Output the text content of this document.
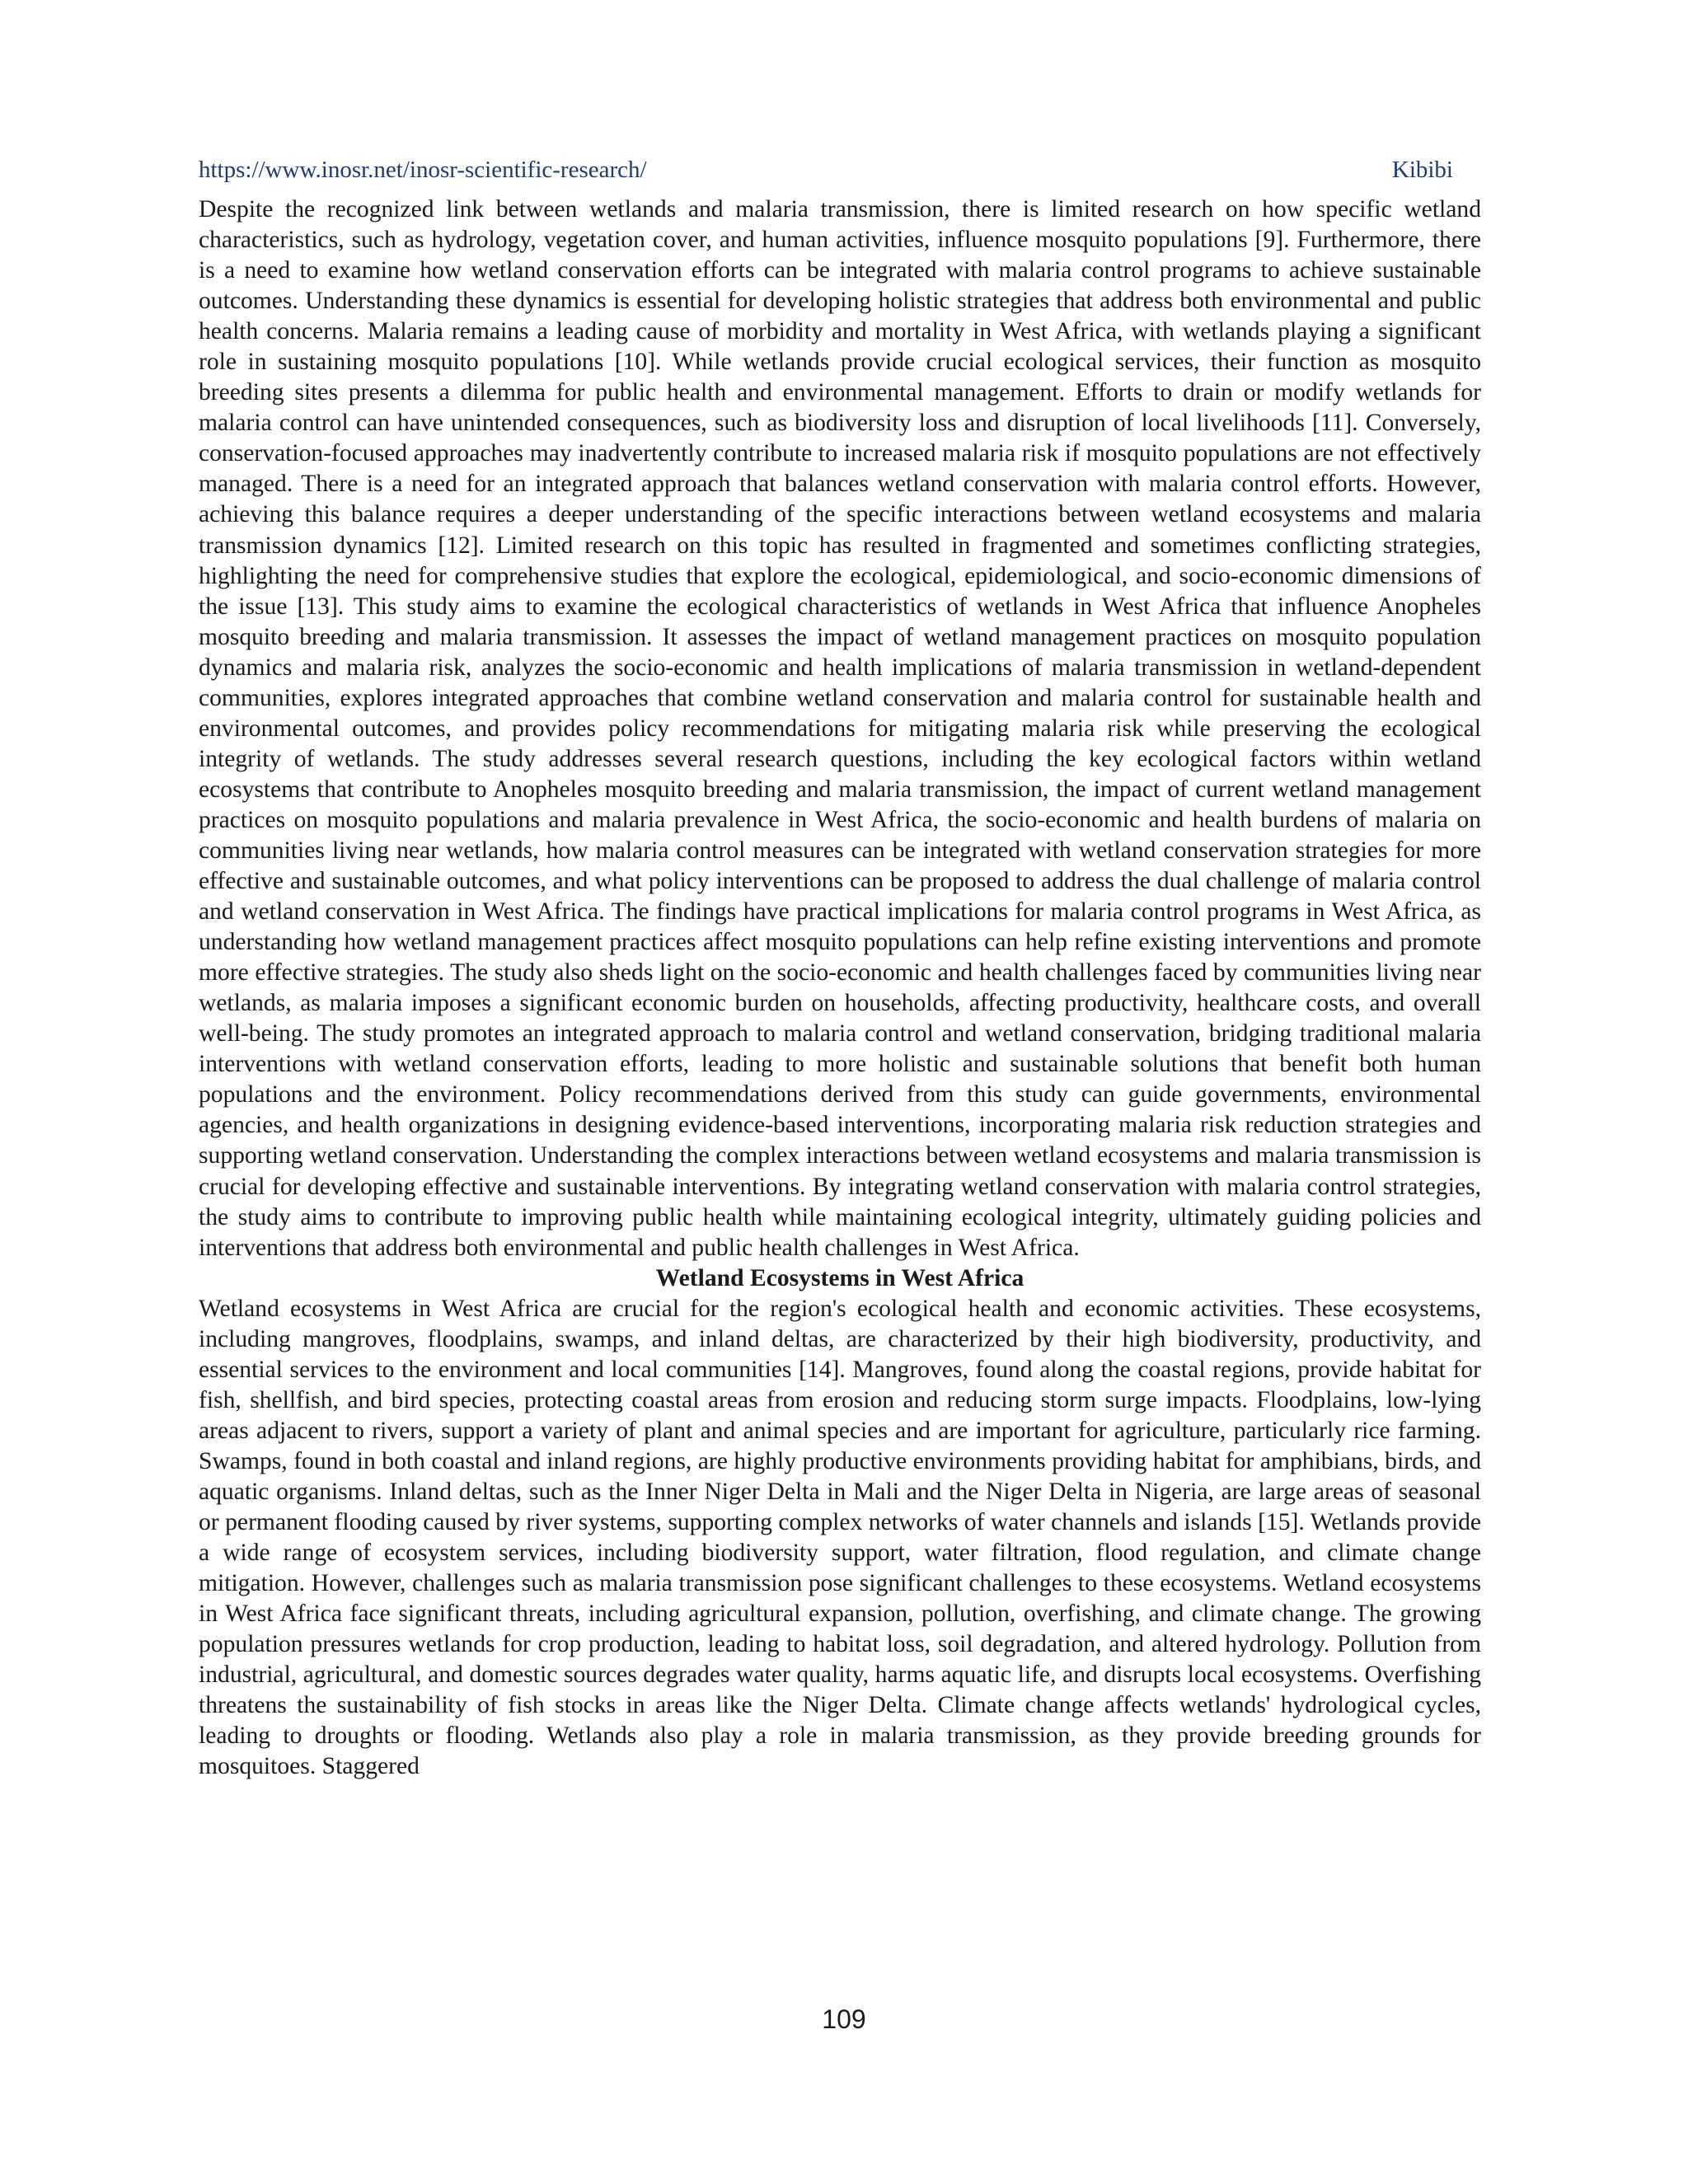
https://www.inosr.net/inosr-scientific-research/	Kibibi

Despite the recognized link between wetlands and malaria transmission, there is limited research on how specific wetland characteristics, such as hydrology, vegetation cover, and human activities, influence mosquito populations [9]. Furthermore, there is a need to examine how wetland conservation efforts can be integrated with malaria control programs to achieve sustainable outcomes. Understanding these dynamics is essential for developing holistic strategies that address both environmental and public health concerns. Malaria remains a leading cause of morbidity and mortality in West Africa, with wetlands playing a significant role in sustaining mosquito populations [10]. While wetlands provide crucial ecological services, their function as mosquito breeding sites presents a dilemma for public health and environmental management. Efforts to drain or modify wetlands for malaria control can have unintended consequences, such as biodiversity loss and disruption of local livelihoods [11]. Conversely, conservation-focused approaches may inadvertently contribute to increased malaria risk if mosquito populations are not effectively managed. There is a need for an integrated approach that balances wetland conservation with malaria control efforts. However, achieving this balance requires a deeper understanding of the specific interactions between wetland ecosystems and malaria transmission dynamics [12]. Limited research on this topic has resulted in fragmented and sometimes conflicting strategies, highlighting the need for comprehensive studies that explore the ecological, epidemiological, and socio-economic dimensions of the issue [13]. This study aims to examine the ecological characteristics of wetlands in West Africa that influence Anopheles mosquito breeding and malaria transmission. It assesses the impact of wetland management practices on mosquito population dynamics and malaria risk, analyzes the socio-economic and health implications of malaria transmission in wetland-dependent communities, explores integrated approaches that combine wetland conservation and malaria control for sustainable health and environmental outcomes, and provides policy recommendations for mitigating malaria risk while preserving the ecological integrity of wetlands. The study addresses several research questions, including the key ecological factors within wetland ecosystems that contribute to Anopheles mosquito breeding and malaria transmission, the impact of current wetland management practices on mosquito populations and malaria prevalence in West Africa, the socio-economic and health burdens of malaria on communities living near wetlands, how malaria control measures can be integrated with wetland conservation strategies for more effective and sustainable outcomes, and what policy interventions can be proposed to address the dual challenge of malaria control and wetland conservation in West Africa. The findings have practical implications for malaria control programs in West Africa, as understanding how wetland management practices affect mosquito populations can help refine existing interventions and promote more effective strategies. The study also sheds light on the socio-economic and health challenges faced by communities living near wetlands, as malaria imposes a significant economic burden on households, affecting productivity, healthcare costs, and overall well-being. The study promotes an integrated approach to malaria control and wetland conservation, bridging traditional malaria interventions with wetland conservation efforts, leading to more holistic and sustainable solutions that benefit both human populations and the environment. Policy recommendations derived from this study can guide governments, environmental agencies, and health organizations in designing evidence-based interventions, incorporating malaria risk reduction strategies and supporting wetland conservation. Understanding the complex interactions between wetland ecosystems and malaria transmission is crucial for developing effective and sustainable interventions. By integrating wetland conservation with malaria control strategies, the study aims to contribute to improving public health while maintaining ecological integrity, ultimately guiding policies and interventions that address both environmental and public health challenges in West Africa.

Wetland Ecosystems in West Africa

Wetland ecosystems in West Africa are crucial for the region's ecological health and economic activities. These ecosystems, including mangroves, floodplains, swamps, and inland deltas, are characterized by their high biodiversity, productivity, and essential services to the environment and local communities [14]. Mangroves, found along the coastal regions, provide habitat for fish, shellfish, and bird species, protecting coastal areas from erosion and reducing storm surge impacts. Floodplains, low-lying areas adjacent to rivers, support a variety of plant and animal species and are important for agriculture, particularly rice farming. Swamps, found in both coastal and inland regions, are highly productive environments providing habitat for amphibians, birds, and aquatic organisms. Inland deltas, such as the Inner Niger Delta in Mali and the Niger Delta in Nigeria, are large areas of seasonal or permanent flooding caused by river systems, supporting complex networks of water channels and islands [15]. Wetlands provide a wide range of ecosystem services, including biodiversity support, water filtration, flood regulation, and climate change mitigation. However, challenges such as malaria transmission pose significant challenges to these ecosystems. Wetland ecosystems in West Africa face significant threats, including agricultural expansion, pollution, overfishing, and climate change. The growing population pressures wetlands for crop production, leading to habitat loss, soil degradation, and altered hydrology. Pollution from industrial, agricultural, and domestic sources degrades water quality, harms aquatic life, and disrupts local ecosystems. Overfishing threatens the sustainability of fish stocks in areas like the Niger Delta. Climate change affects wetlands' hydrological cycles, leading to droughts or flooding. Wetlands also play a role in malaria transmission, as they provide breeding grounds for mosquitoes. Staggered

109
